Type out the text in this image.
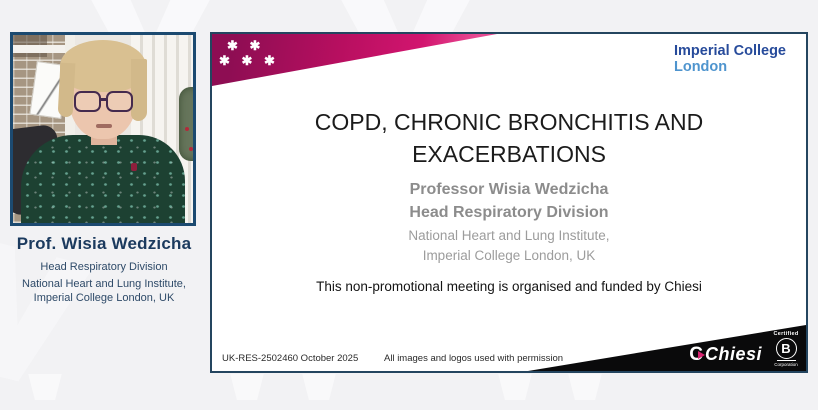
Prof. Wisia Wedzicha
Head Respiratory Division
National Heart and Lung Institute,
Imperial College London, UK
✱ ✱
✱ ✱ ✱
Imperial College
London
COPD, CHRONIC BRONCHITIS AND
EXACERBATIONS
Professor Wisia Wedzicha
Head Respiratory Division
National Heart and Lung Institute,
Imperial College London, UK
This non-promotional meeting is organised and funded by Chiesi
UK-RES-2502460 October 2025	All images and logos used with permission	C Chiesi
Certified
B
Corporation
